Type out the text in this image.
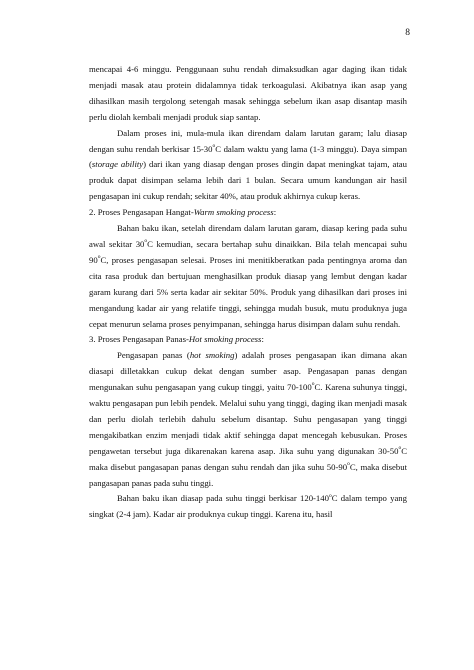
8

mencapai 4-6 minggu. Penggunaan suhu rendah dimaksudkan agar daging ikan tidak menjadi masak atau protein didalamnya tidak terkoagulasi. Akibatnya ikan asap yang dihasilkan masih tergolong setengah masak sehingga sebelum ikan asap disantap masih perlu diolah kembali menjadi produk siap santap.

Dalam proses ini, mula-mula ikan direndam dalam larutan garam; lalu diasap dengan suhu rendah berkisar 15-30$^o$C dalam waktu yang lama (1-3 minggu). Daya simpan (storage ability) dari ikan yang diasap dengan proses dingin dapat meningkat tajam, atau produk dapat disimpan selama lebih dari 1 bulan. Secara umum kandungan air hasil pengasapan ini cukup rendah; sekitar 40%, atau produk akhirnya cukup keras.

2. Proses Pengasapan Hangat-Warm smoking process:

Bahan baku ikan, setelah direndam dalam larutan garam, diasap kering pada suhu awal sekitar 30$^o$C kemudian, secara bertahap suhu dinaikkan. Bila telah mencapai suhu 90$^o$C, proses pengasapan selesai. Proses ini menitikberatkan pada pentingnya aroma dan cita rasa produk dan bertujuan menghasilkan produk diasap yang lembut dengan kadar garam kurang dari 5% serta kadar air sekitar 50%. Produk yang dihasilkan dari proses ini mengandung kadar air yang relatife tinggi, sehingga mudah busuk, mutu produknya juga cepat menurun selama proses penyimpanan, sehingga harus disimpan dalam suhu rendah.

3. Proses Pengasapan Panas-Hot smoking process:

Pengasapan panas (hot smoking) adalah proses pengasapan ikan dimana akan diasapi dilletakkan cukup dekat dengan sumber asap. Pengasapan panas dengan mengunakan suhu pengasapan yang cukup tinggi, yaitu 70-100$^o$C. Karena suhunya tinggi, waktu pengasapan pun lebih pendek. Melalui suhu yang tinggi, daging ikan menjadi masak dan perlu diolah terlebih dahulu sebelum disantap. Suhu pengasapan yang tinggi mengakibatkan enzim menjadi tidak aktif sehingga dapat mencegah kebusukan. Proses pengawetan tersebut juga dikarenakan karena asap. Jika suhu yang digunakan 30-50$^o$C maka disebut pangasapan panas dengan suhu rendah dan jika suhu 50-90$^o$C, maka disebut pangasapan panas pada suhu tinggi.

Bahan baku ikan diasap pada suhu tinggi berkisar 120-140$^o$C dalam tempo yang singkat (2-4 jam). Kadar air produknya cukup tinggi. Karena itu, hasil
